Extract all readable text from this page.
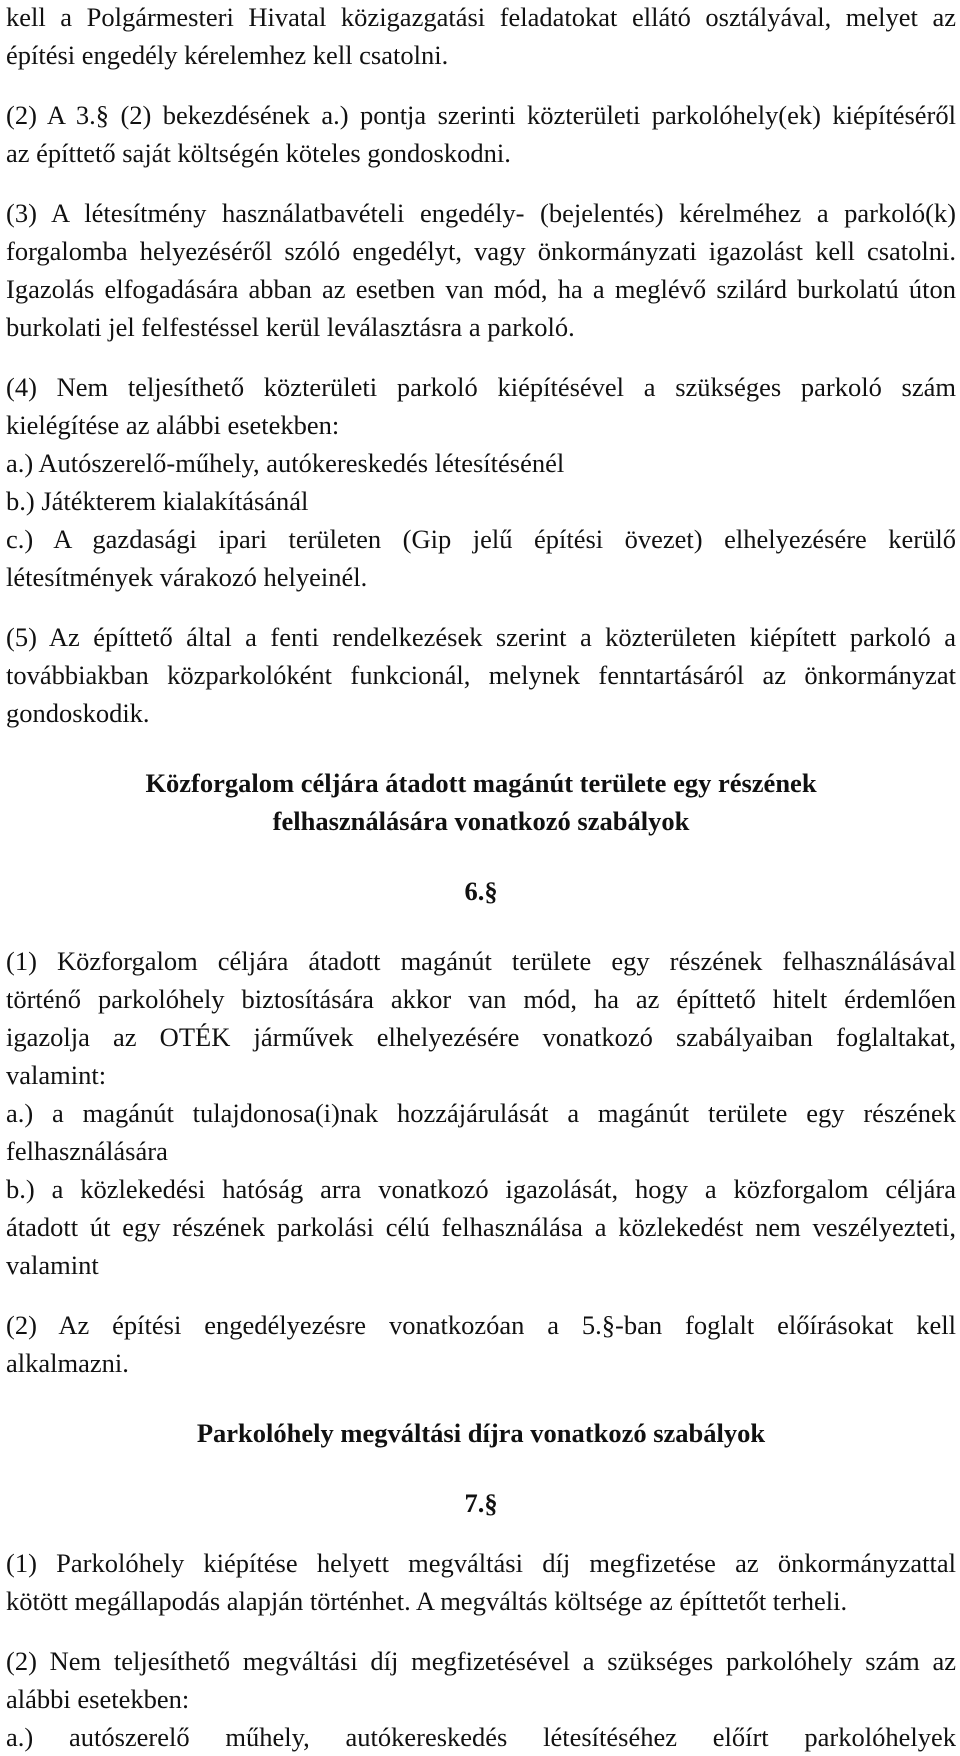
kell a Polgármesteri Hivatal közigazgatási feladatokat ellátó osztályával, melyet az
építési engedély kérelemhez kell csatolni.

(2) A 3.§ (2) bekezdésének a.) pontja szerinti közterületi parkolóhely(ek) kiépítéséről
az építtető saját költségén köteles gondoskodni.

(3) A létesítmény használatbavételi engedély- (bejelentés) kérelméhez a parkoló(k)
forgalomba helyezéséről szóló engedélyt, vagy önkormányzati igazolást kell csatolni.
Igazolás elfogadására abban az esetben van mód, ha a meglévő szilárd burkolatú úton
burkolati jel felfestéssel kerül leválasztásra a parkoló.

(4) Nem teljesíthető közterületi parkoló kiépítésével a szükséges parkoló szám
kielégítése az alábbi esetekben:
a.) Autószerelő-műhely, autókereskedés létesítésénél
b.) Játékterem kialakításánál
c.) A gazdasági ipari területen (Gip jelű építési övezet) elhelyezésére kerülő
létesítmények várakozó helyeinél.

(5) Az építtető által a fenti rendelkezések szerint a közterületen kiépített parkoló a
továbbiakban közparkolóként funkcionál, melynek fenntartásáról az önkormányzat
gondoskodik.

Közforgalom céljára átadott magánút területe egy részének
felhasználására vonatkozó szabályok
6.§

(1) Közforgalom céljára átadott magánút területe egy részének felhasználásával
történő parkolóhely biztosítására akkor van mód, ha az építtető hitelt érdemlően
igazolja az OTÉK járművek elhelyezésére vonatkozó szabályaiban foglaltakat,
valamint:
a.) a magánút tulajdonosa(i)nak hozzájárulását a magánút területe egy részének
felhasználására
b.) a közlekedési hatóság arra vonatkozó igazolását, hogy a közforgalom céljára
átadott út egy részének parkolási célú felhasználása a közlekedést nem veszélyezteti,
valamint

(2) Az építési engedélyezésre vonatkozóan a 5.§-ban foglalt előírásokat kell
alkalmazni.

Parkolóhely megváltási díjra vonatkozó szabályok
7.§

(1) Parkolóhely kiépítése helyett megváltási díj megfizetése az önkormányzattal
kötött megállapodás alapján történhet. A megváltás költsége az építtetőt terheli.

(2) Nem teljesíthető megváltási díj megfizetésével a szükséges parkolóhely szám az
alábbi esetekben:
a.) autószerelő műhely, autókereskedés létesítéséhez előírt parkolóhelyek
